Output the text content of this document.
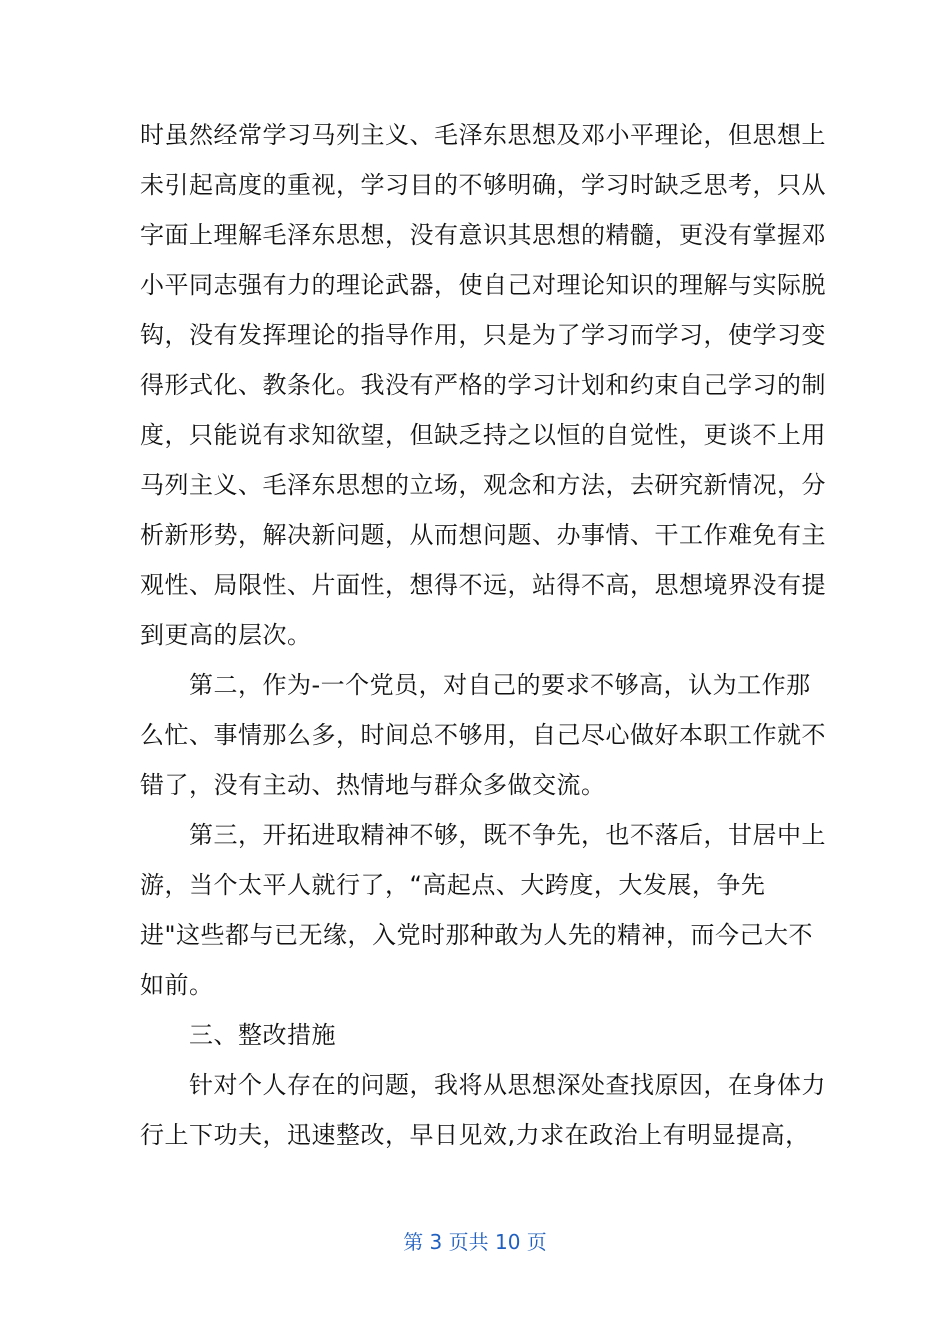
时虽然经常学习马列主义、毛泽东思想及邓小平理论，但思想上
未引起高度的重视，学习目的不够明确，学习时缺乏思考，只从
字面上理解毛泽东思想，没有意识其思想的精髓，更没有掌握邓
小平同志强有力的理论武器，使自己对理论知识的理解与实际脱
钩，没有发挥理论的指导作用，只是为了学习而学习，使学习变
得形式化、教条化。我没有严格的学习计划和约束自己学习的制
度，只能说有求知欲望，但缺乏持之以恒的自觉性，更谈不上用
马列主义、毛泽东思想的立场，观念和方法，去研究新情况，分
析新形势，解决新问题，从而想问题、办事情、干工作难免有主
观性、局限性、片面性，想得不远，站得不高，思想境界没有提
到更高的层次。
　　第二，作为-一个党员，对自己的要求不够高，认为工作那
么忙、事情那么多，时间总不够用，自己尽心做好本职工作就不
错了，没有主动、热情地与群众多做交流。
　　第三，开拓进取精神不够，既不争先，也不落后，甘居中上
游，当个太平人就行了，“高起点、大跨度，大发展，争先
进"这些都与已无缘，入党时那种敢为人先的精神，而今己大不
如前。
　　三、整改措施
　　针对个人存在的问题，我将从思想深处查找原因，在身体力
行上下功夫，迅速整改，早日见效,力求在政治上有明显提高，
第 3 页共 10 页
